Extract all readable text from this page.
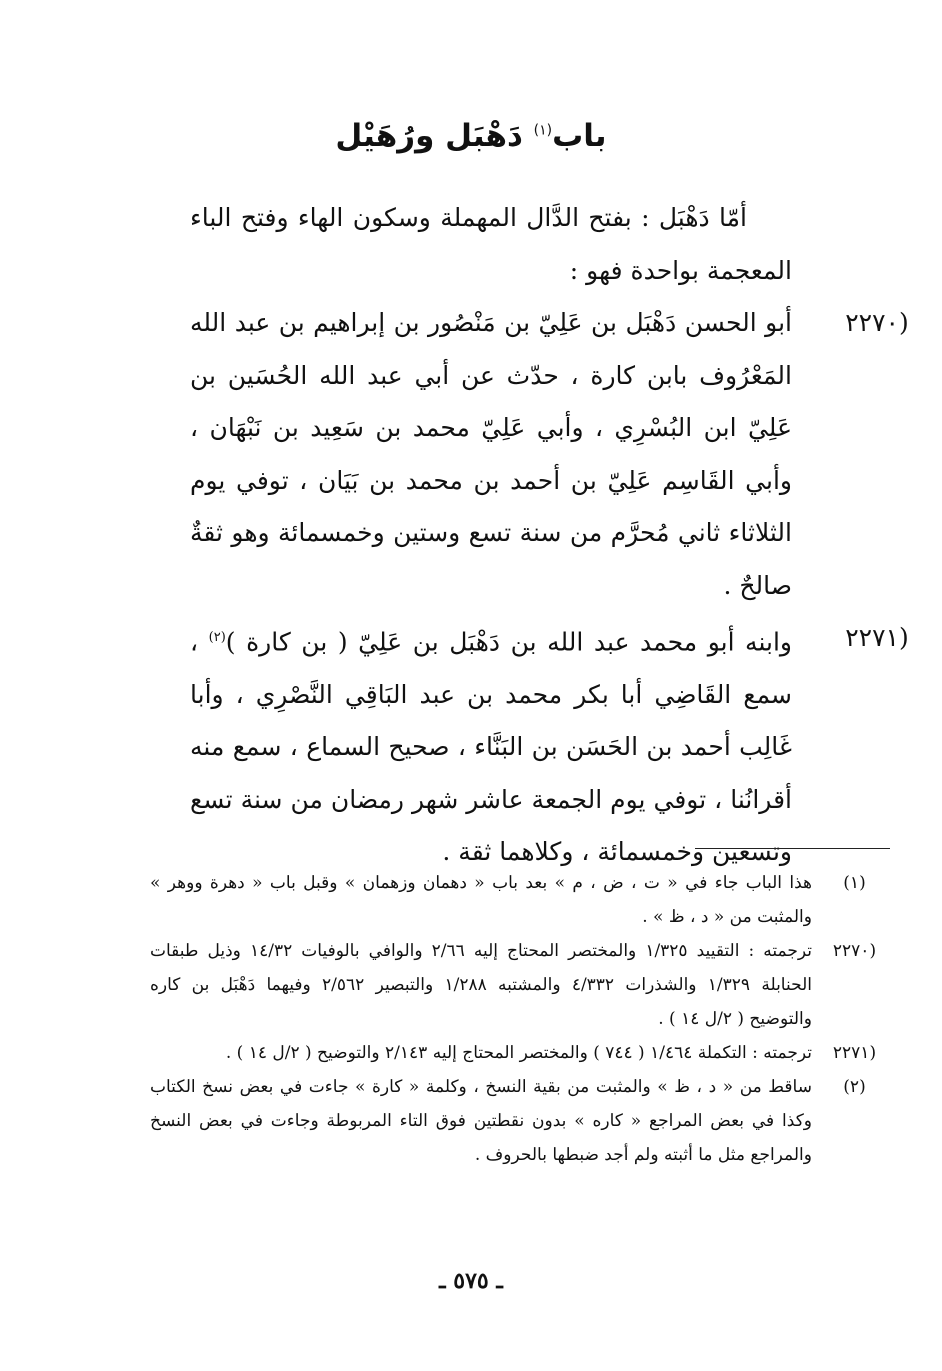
باب$^{(١)}$ دَهْبَل ورُهَيْل

أمّا دَهْبَل : بفتح الدَّال المهملة وسكون الهاء وفتح الباء المعجمة بواحدة فهو :

(٢٢٧٠
أبو الحسن دَهْبَل بن عَلِيّ بن مَنْصُور بن إبراهيم بن عبد الله المَعْرُوف بابن كارة ، حدّث عن أبي عبد الله الحُسَين بن عَلِيّ ابن البُسْرِي ، وأبي عَلِيّ محمد بن سَعِيد بن نَبْهَان ، وأبي القَاسِم عَلِيّ بن أحمد بن محمد بن بَيَان ، توفي يوم الثلاثاء ثاني مُحرَّم من سنة تسع وستين وخمسمائة وهو ثقةٌ صالحٌ .
(٢٢٧١
وابنه أبو محمد عبد الله بن دَهْبَل بن عَلِيّ ( بن كارة )$^{(٢)}$ ، سمع القَاضِي أبا بكر محمد بن عبد البَاقِي النَّصْرِي ، وأبا غَالِب أحمد بن الحَسَن بن البَنَّاء ، صحيح السماع ، سمع منه أقرانُنا ، توفي يوم الجمعة عاشر شهر رمضان من سنة تسع وتسعين وخمسمائة ، وكلاهما ثقة .
(١)
هذا الباب جاء في « ت ، ض ، م » بعد باب « دهمان وزهمان » وقبل باب « دهرة ووهر » والمثبت من « د ، ظ » .
(٢٢٧٠
ترجمته : التقييد ١/٣٢٥ والمختصر المحتاج إليه ٢/٦٦ والوافي بالوفيات ١٤/٣٢ وذيل طبقات الحنابلة ١/٣٢٩ والشذرات ٤/٣٣٢ والمشتبه ١/٢٨٨ والتبصير ٢/٥٦٢ وفيهما دَهْبَل بن كاره والتوضيح ( ٢/ل ١٤ ) .
(٢٢٧١
ترجمته : التكملة ١/٤٦٤ ( ٧٤٤ ) والمختصر المحتاج إليه ٢/١٤٣ والتوضيح ( ٢/ل ١٤ ) .
(٢)
ساقط من « د ، ظ » والمثبت من بقية النسخ ، وكلمة « كارة » جاءت في بعض نسخ الكتاب وكذا في بعض المراجع « كاره » بدون نقطتين فوق التاء المربوطة وجاءت في بعض النسخ والمراجع مثل ما أثبته ولم أجد ضبطها بالحروف .
ـ ٥٧٥ ـ
